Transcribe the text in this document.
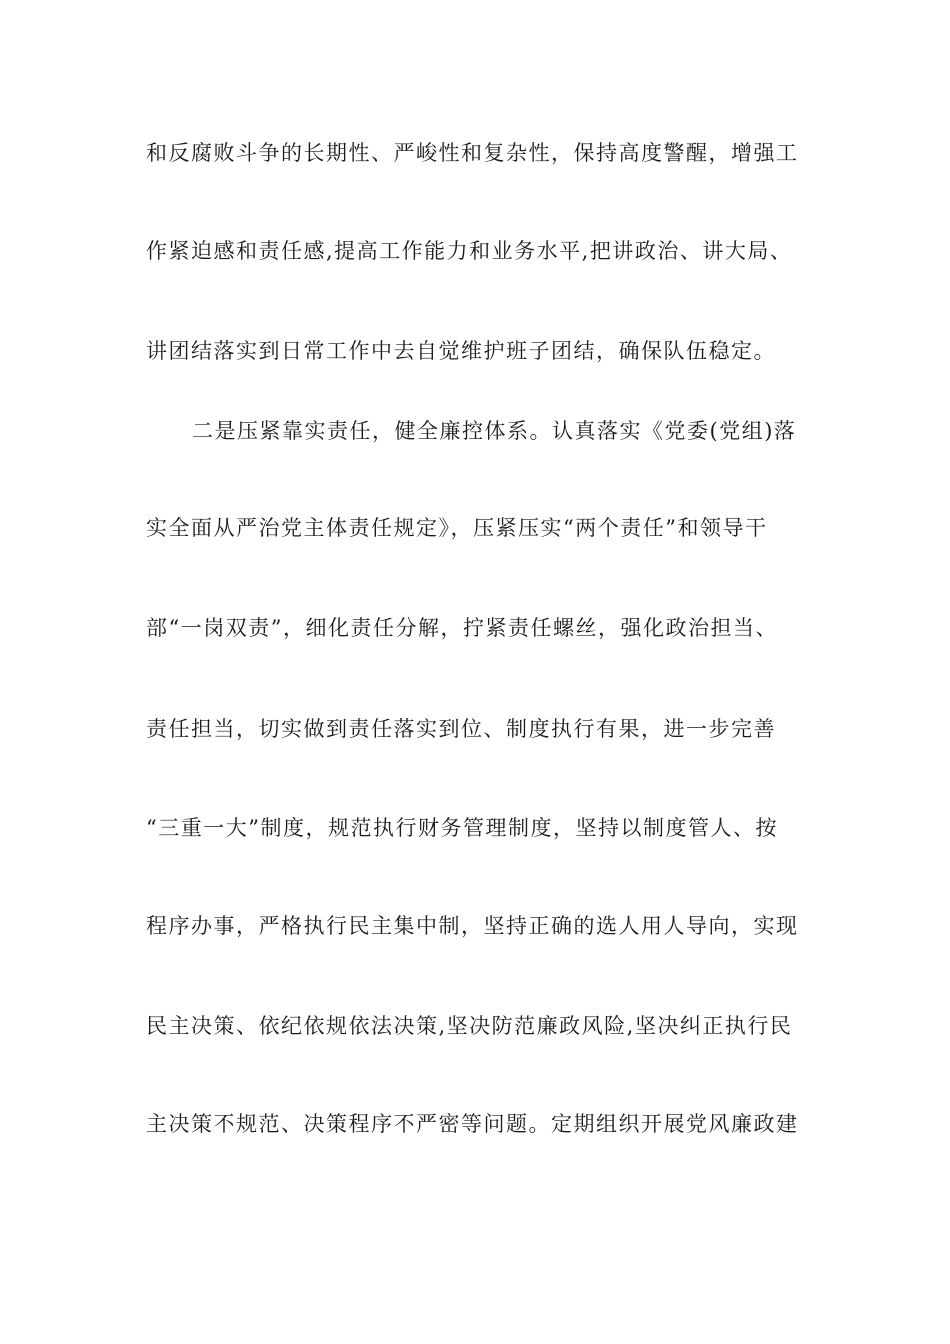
和反腐败斗争的长期性、严峻性和复杂性，保持高度警醒，增强工
作紧迫感和责任感,提高工作能力和业务水平,把讲政治、讲大局、
讲团结落实到日常工作中去自觉维护班子团结，确保队伍稳定。
二是压紧靠实责任，健全廉控体系。认真落实《党委(党组)落
实全面从严治党主体责任规定》，压紧压实“两个责任”和领导干
部“一岗双责”，细化责任分解，拧紧责任螺丝，强化政治担当、
责任担当，切实做到责任落实到位、制度执行有果，进一步完善
“三重一大”制度，规范执行财务管理制度，坚持以制度管人、按
程序办事，严格执行民主集中制，坚持正确的选人用人导向，实现
民主决策、依纪依规依法决策,坚决防范廉政风险,坚决纠正执行民
主决策不规范、决策程序不严密等问题。定期组织开展党风廉政建
